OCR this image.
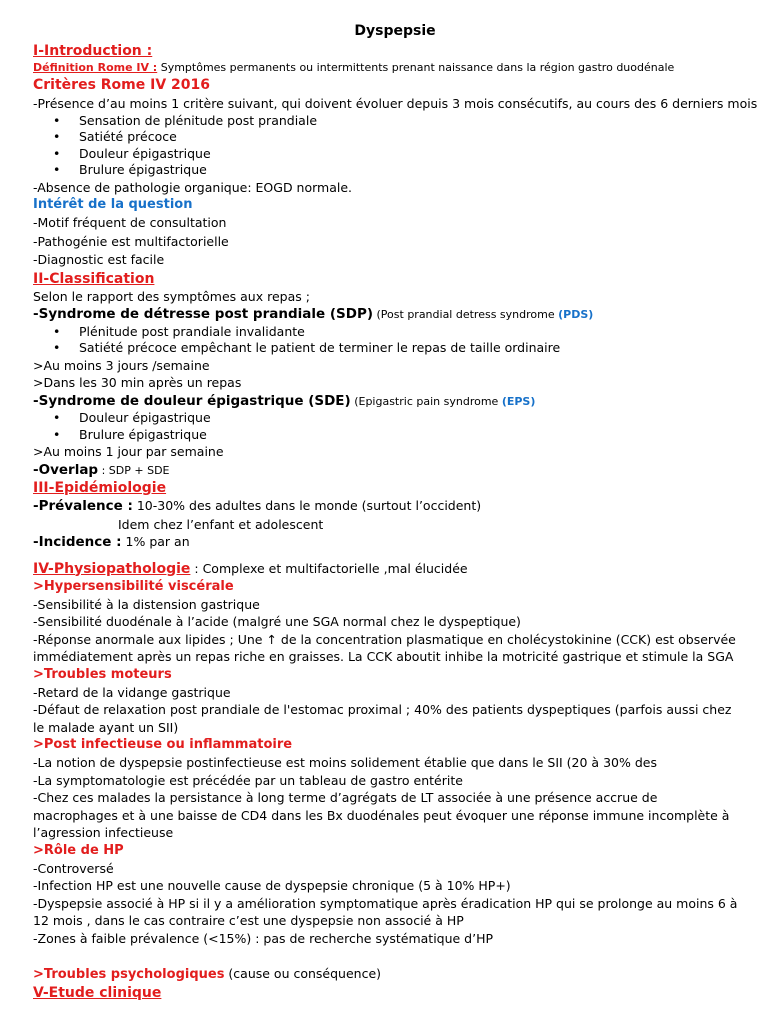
Dyspepsie
I-Introduction :
Définition Rome IV : Symptômes permanents ou intermittents prenant naissance dans la région gastro duodénale
Critères Rome IV 2016
-Présence d’au moins 1 critère suivant, qui doivent évoluer depuis 3 mois consécutifs, au cours des 6 derniers mois
• Sensation de plénitude post prandiale
• Satiété précoce
• Douleur épigastrique
• Brulure épigastrique
-Absence de pathologie organique: EOGD normale.
Intérêt de la question
-Motif fréquent de consultation
-Pathogénie est multifactorielle
-Diagnostic est facile
II-Classification
Selon le rapport des symptômes aux repas ;
-Syndrome de détresse post prandiale (SDP) (Post prandial detress syndrome (PDS)
• Plénitude post prandiale invalidante
• Satiété précoce empêchant le patient de terminer le repas de taille ordinaire
>Au moins 3 jours /semaine
>Dans les 30 min après un repas
-Syndrome de douleur épigastrique (SDE) (Epigastric pain syndrome (EPS)
• Douleur épigastrique
• Brulure épigastrique
>Au moins 1 jour par semaine
-Overlap : SDP + SDE
III-Epidémiologie
-Prévalence : 10-30% des adultes dans le monde (surtout l’occident)
Idem chez l’enfant et adolescent
-Incidence : 1% par an
IV-Physiopathologie : Complexe et multifactorielle ,mal élucidée
>Hypersensibilité viscérale
-Sensibilité à la distension gastrique
-Sensibilité duodénale à l’acide (malgré une SGA normal chez le dyspeptique)
-Réponse anormale aux lipides ; Une ↑ de la concentration plasmatique en cholécystokinine (CCK) est observée immédiatement après un repas riche en graisses. La CCK aboutit inhibe la motricité gastrique et stimule la SGA
>Troubles moteurs
-Retard de la vidange gastrique
-Défaut de relaxation post prandiale de l'estomac proximal ; 40% des patients dyspeptiques (parfois aussi chez le malade ayant un SII)
>Post infectieuse ou inflammatoire
-La notion de dyspepsie postinfectieuse est moins solidement établie que dans le SII (20 à 30% des
-La symptomatologie est précédée par un tableau de gastro entérite
-Chez ces malades la persistance à long terme d’agrégats de LT associée à une présence accrue de macrophages et à une baisse de CD4 dans les Bx duodénales peut évoquer une réponse immune incomplète à l’agression infectieuse
>Rôle de HP
-Controversé
-Infection HP est une nouvelle cause de dyspepsie chronique (5 à 10% HP+)
-Dyspepsie associé à HP si il y a amélioration symptomatique après éradication HP qui se prolonge au moins 6 à 12 mois , dans le cas contraire c’est une dyspepsie non associé à HP
-Zones à faible prévalence (<15%) : pas de recherche systématique d’HP
>Troubles psychologiques (cause ou conséquence)
V-Etude clinique
